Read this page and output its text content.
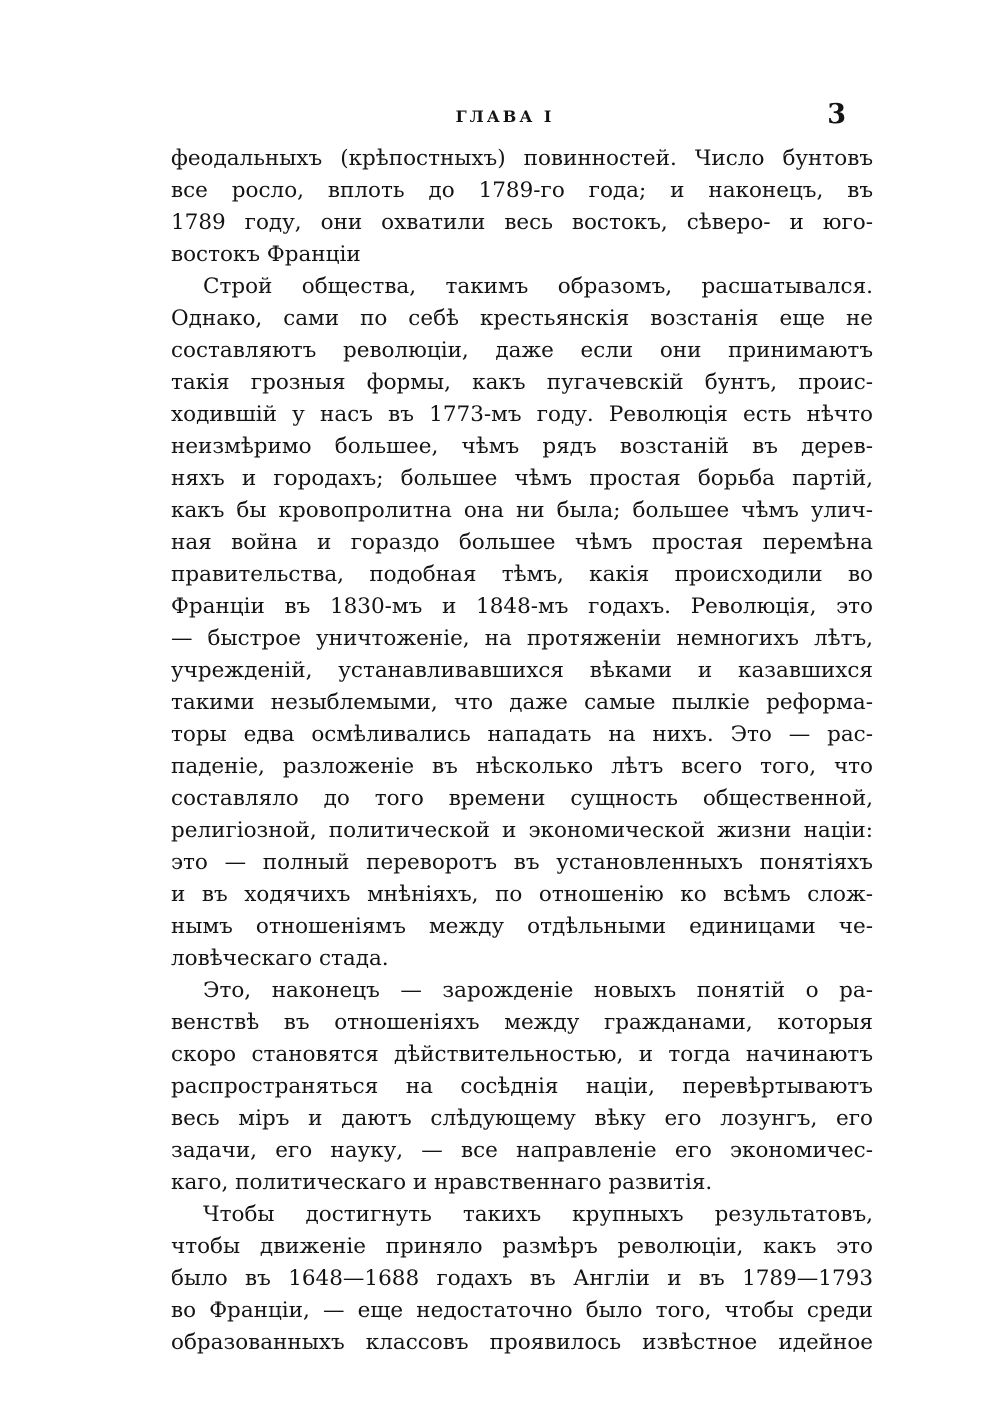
ГЛАВА I	3
феодальныхъ (крѣпостныхъ) повинностей. Число бунтовъ
все росло, вплоть до 1789-го года; и наконецъ, въ
1789 году, они охватили весь востокъ, сѣверо- и юго-
востокъ Франціи
Строй общества, такимъ образомъ, расшатывался.
Однако, сами по себѣ крестьянскія возстанія еще не
составляютъ революціи, даже если они принимаютъ
такія грозныя формы, какъ пугачевскій бунтъ, проис-
ходившій у насъ въ 1773-мъ году. Революція есть нѣчто
неизмѣримо большее, чѣмъ рядъ возстаній въ дерев-
няхъ и городахъ; большее чѣмъ простая борьба партій,
какъ бы кровопролитна она ни была; большее чѣмъ улич-
ная война и гораздо большее чѣмъ простая перемѣна
правительства, подобная тѣмъ, какія происходили во
Франціи въ 1830-мъ и 1848-мъ годахъ. Революція, это
— быстрое уничтоженіе, на протяженіи немногихъ лѣтъ,
учрежденій, устанавливавшихся вѣками и казавшихся
такими незыблемыми, что даже самые пылкіе реформа-
торы едва осмѣливались нападать на нихъ. Это — рас-
паденіе, разложеніе въ нѣсколько лѣтъ всего того, что
составляло до того времени сущность общественной,
религіозной, политической и экономической жизни націи:
это — полный переворотъ въ установленныхъ понятіяхъ
и въ ходячихъ мнѣніяхъ, по отношенію ко всѣмъ слож-
нымъ отношеніямъ между отдѣльными единицами че-
ловѣческаго стада.
Это, наконецъ — зарожденіе новыхъ понятій о ра-
венствѣ въ отношеніяхъ между гражданами, которыя
скоро становятся дѣйствительностью, и тогда начинаютъ
распространяться на сосѣднія націи, перевѣртываютъ
весь міръ и даютъ слѣдующему вѣку его лозунгъ, его
задачи, его науку, — все направленіе его экономичес-
каго, политическаго и нравственнаго развитія.
Чтобы достигнуть такихъ крупныхъ результатовъ,
чтобы движеніе приняло размѣръ революціи, какъ это
было въ 1648—1688 годахъ въ Англіи и въ 1789—1793
во Франціи, — еще недостаточно было того, чтобы среди
образованныхъ классовъ проявилось извѣстное идейное
